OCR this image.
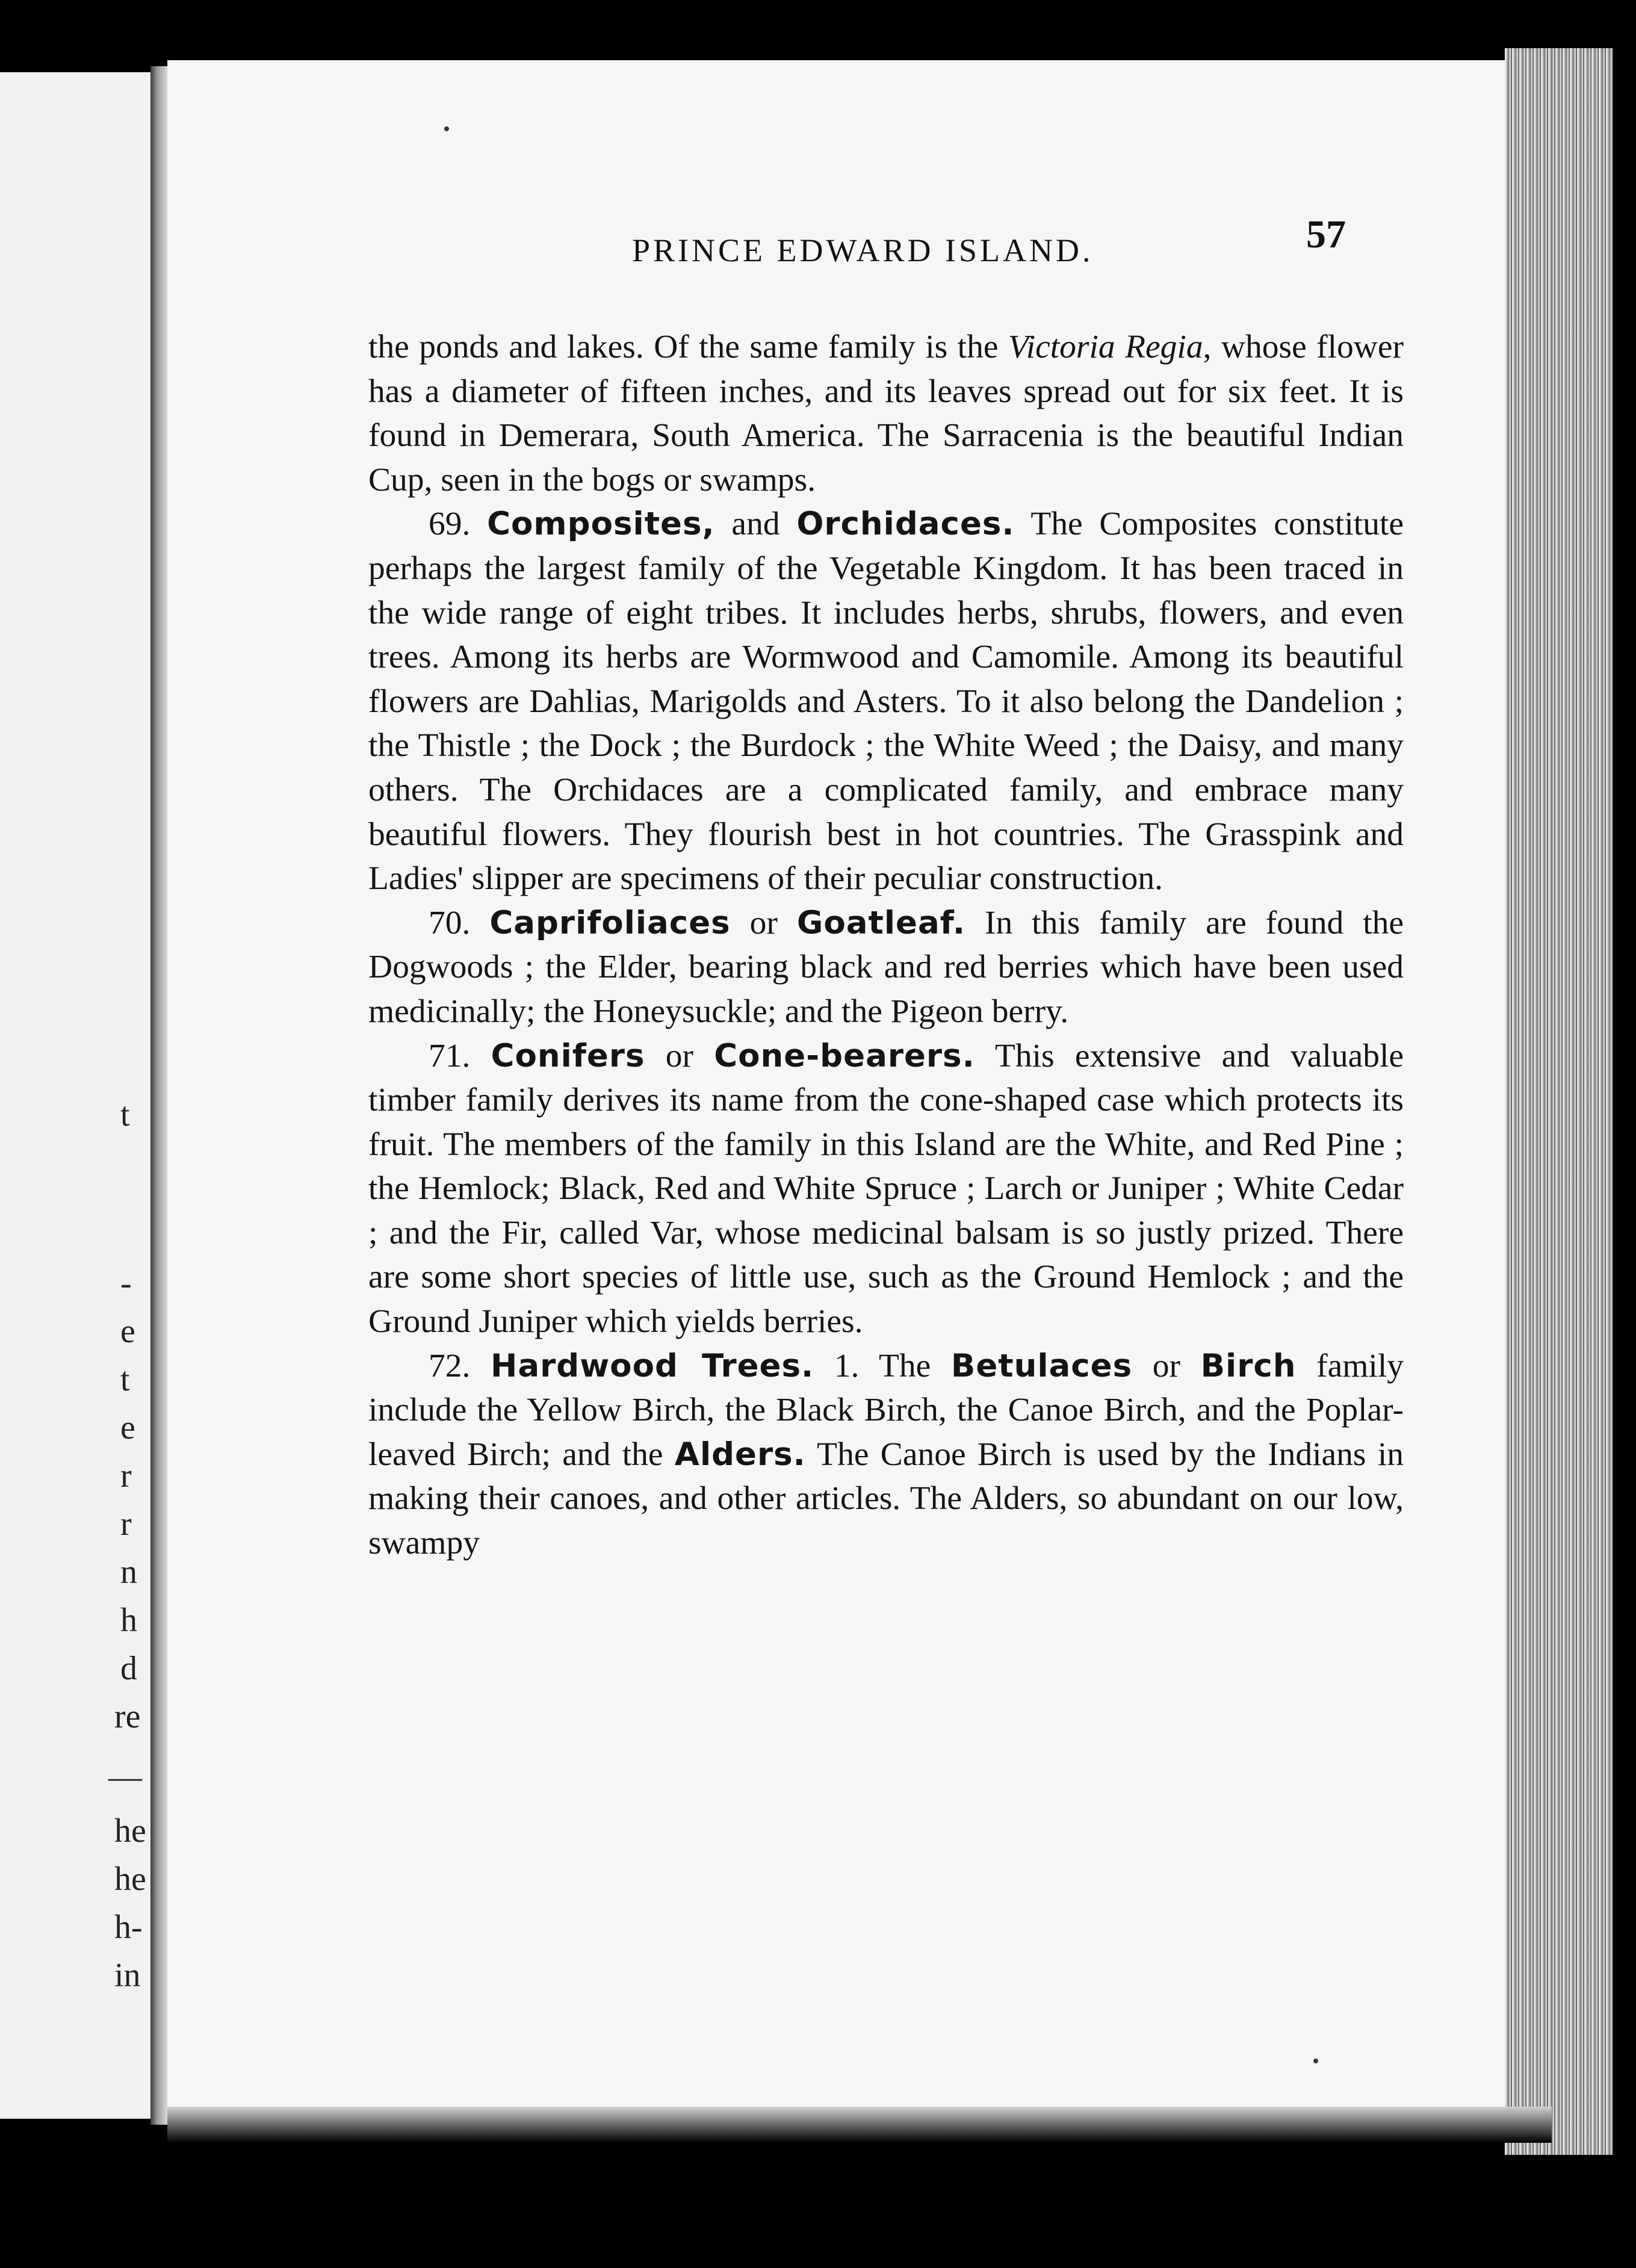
t
-
e
t
e
r
r
n
h
d
re
—
he
he
h-
in
PRINCE EDWARD ISLAND.	57

the ponds and lakes. Of the same family is the Victoria Regia, whose flower has a diameter of fifteen inches, and its leaves spread out for six feet. It is found in Demerara, South America. The Sarracenia is the beautiful Indian Cup, seen in the bogs or swamps.

69. Composites, and Orchidaces. The Composites constitute perhaps the largest family of the Vegetable Kingdom. It has been traced in the wide range of eight tribes. It includes herbs, shrubs, flowers, and even trees. Among its herbs are Wormwood and Camomile. Among its beautiful flowers are Dahlias, Marigolds and Asters. To it also belong the Dandelion ; the Thistle ; the Dock ; the Burdock ; the White Weed ; the Daisy, and many others. The Orchidaces are a complicated family, and embrace many beautiful flowers. They flourish best in hot countries. The Grasspink and Ladies' slipper are specimens of their peculiar construction.

70. Caprifoliaces or Goatleaf. In this family are found the Dogwoods ; the Elder, bearing black and red berries which have been used medicinally; the Honeysuckle; and the Pigeon berry.

71. Conifers or Cone-bearers. This extensive and valuable timber family derives its name from the cone-shaped case which protects its fruit. The members of the family in this Island are the White, and Red Pine ; the Hemlock; Black, Red and White Spruce ; Larch or Juniper ; White Cedar ; and the Fir, called Var, whose medicinal balsam is so justly prized. There are some short species of little use, such as the Ground Hemlock ; and the Ground Juniper which yields berries.

72. Hardwood Trees. 1. The Betulaces or Birch family include the Yellow Birch, the Black Birch, the Canoe Birch, and the Poplar-leaved Birch; and the Alders. The Canoe Birch is used by the Indians in making their canoes, and other articles. The Alders, so abundant on our low, swampy
